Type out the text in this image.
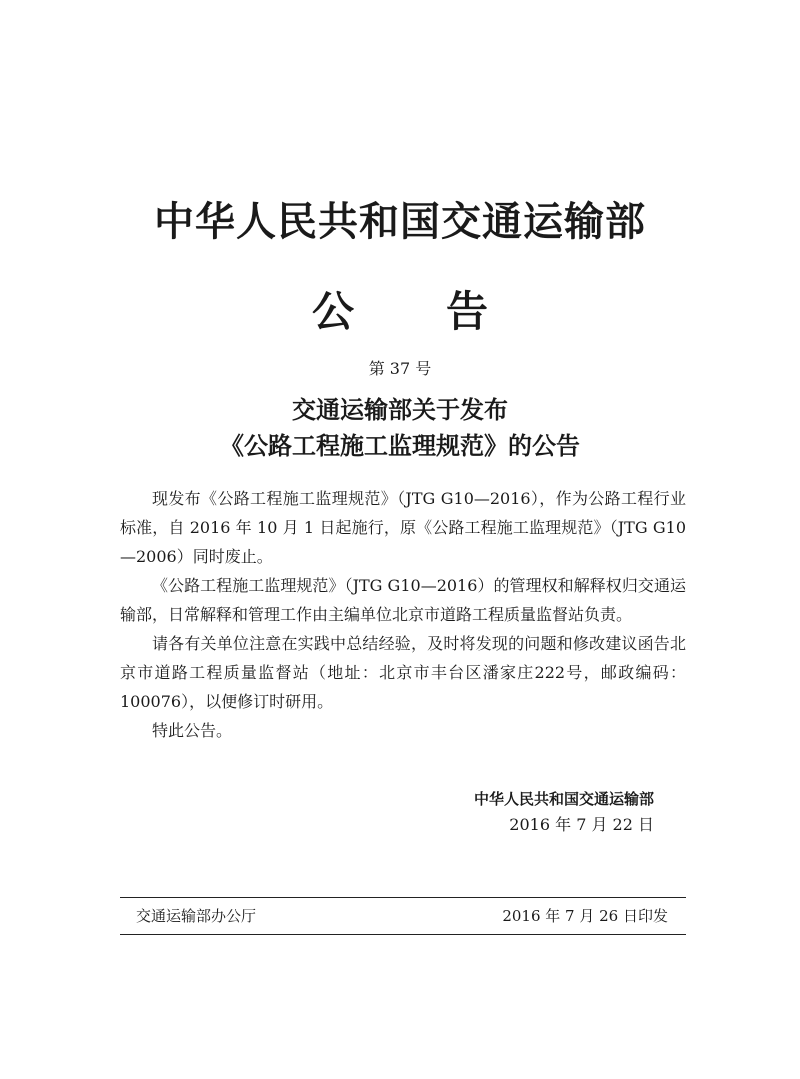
中华人民共和国交通运输部
公 告
第 37 号
交通运输部关于发布
《公路工程施工监理规范》的公告

现发布《公路工程施工监理规范》（JTG G10—2016），作为公路工程行业标准，自 2016 年 10 月 1 日起施行，原《公路工程施工监理规范》（JTG G10—2006）同时废止。

《公路工程施工监理规范》（JTG G10—2016）的管理权和解释权归交通运输部，日常解释和管理工作由主编单位北京市道路工程质量监督站负责。

请各有关单位注意在实践中总结经验，及时将发现的问题和修改建议函告北京市道路工程质量监督站（地址：北京市丰台区潘家庄222号，邮政编码：100076），以便修订时研用。

特此公告。

中华人民共和国交通运输部
2016 年 7 月 22 日
交通运输部办公厅	2016 年 7 月 26 日印发
